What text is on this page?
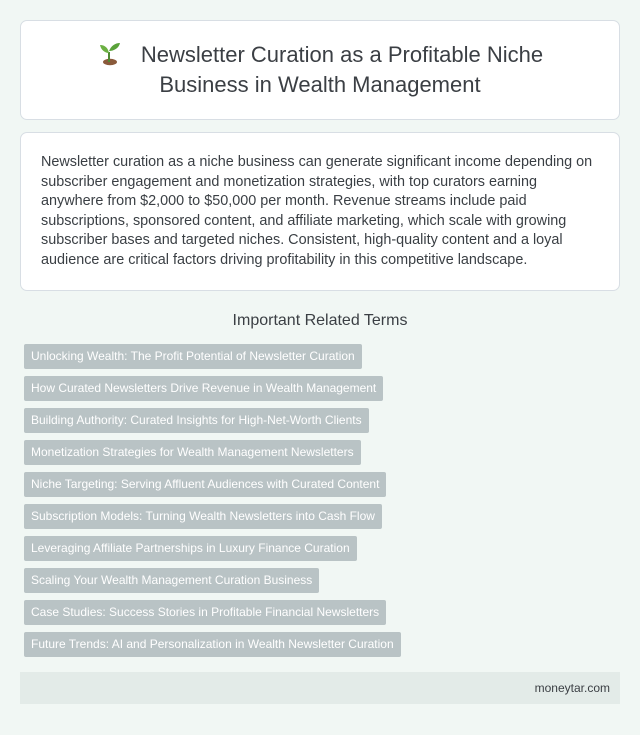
Newsletter Curation as a Profitable Niche
Business in Wealth Management

Newsletter curation as a niche business can generate significant income depending on subscriber engagement and monetization strategies, with top curators earning anywhere from $2,000 to $50,000 per month. Revenue streams include paid subscriptions, sponsored content, and affiliate marketing, which scale with growing subscriber bases and targeted niches. Consistent, high-quality content and a loyal audience are critical factors driving profitability in this competitive landscape.

Important Related Terms
Unlocking Wealth: The Profit Potential of Newsletter Curation
How Curated Newsletters Drive Revenue in Wealth Management
Building Authority: Curated Insights for High-Net-Worth Clients
Monetization Strategies for Wealth Management Newsletters
Niche Targeting: Serving Affluent Audiences with Curated Content
Subscription Models: Turning Wealth Newsletters into Cash Flow
Leveraging Affiliate Partnerships in Luxury Finance Curation
Scaling Your Wealth Management Curation Business
Case Studies: Success Stories in Profitable Financial Newsletters
Future Trends: AI and Personalization in Wealth Newsletter Curation
moneytar.com
